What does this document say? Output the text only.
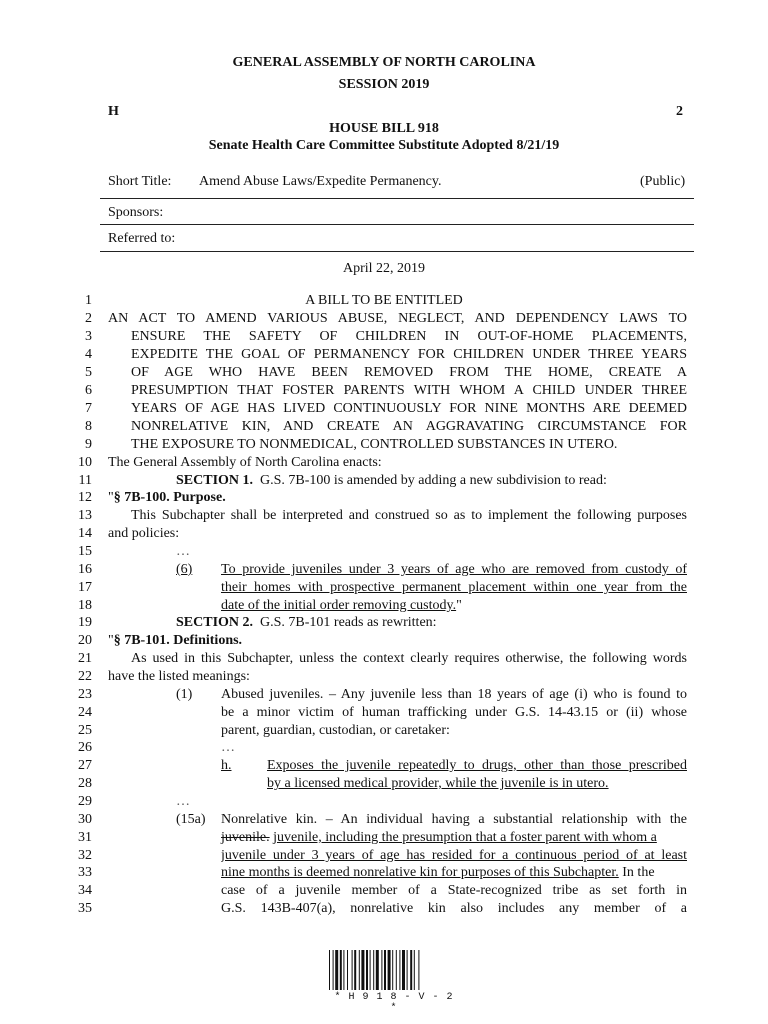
GENERAL ASSEMBLY OF NORTH CAROLINA
SESSION 2019
H	2
HOUSE BILL 918
Senate Health Care Committee Substitute Adopted 8/21/19
Short Title: Amend Abuse Laws/Expedite Permanency.	(Public)
Sponsors:
Referred to:
April 22, 2019
1
2
3
4
5
6
7
8
9
10
11
12
13
14
15
16
17
18
19
20
21
22
23
24
25
26
27
28
29
30
31
32
33
34
35
A BILL TO BE ENTITLED
AN ACT TO AMEND VARIOUS ABUSE, NEGLECT, AND DEPENDENCY LAWS TO
ENSURE THE SAFETY OF CHILDREN IN OUT-OF-HOME PLACEMENTS,
EXPEDITE THE GOAL OF PERMANENCY FOR CHILDREN UNDER THREE YEARS
OF AGE WHO HAVE BEEN REMOVED FROM THE HOME, CREATE A
PRESUMPTION THAT FOSTER PARENTS WITH WHOM A CHILD UNDER THREE
YEARS OF AGE HAS LIVED CONTINUOUSLY FOR NINE MONTHS ARE DEEMED
NONRELATIVE KIN, AND CREATE AN AGGRAVATING CIRCUMSTANCE FOR
THE EXPOSURE TO NONMEDICAL, CONTROLLED SUBSTANCES IN UTERO.
The General Assembly of North Carolina enacts:
SECTION 1. G.S. 7B-100 is amended by adding a new subdivision to read:
"§ 7B-100. Purpose.
This Subchapter shall be interpreted and construed so as to implement the following purposes
and policies:
…
(6) To provide juveniles under 3 years of age who are removed from custody of
their homes with prospective permanent placement within one year from the
date of the initial order removing custody."
SECTION 2. G.S. 7B-101 reads as rewritten:
"§ 7B-101. Definitions.
As used in this Subchapter, unless the context clearly requires otherwise, the following words
have the listed meanings:
(1) Abused juveniles. – Any juvenile less than 18 years of age (i) who is found to
be a minor victim of human trafficking under G.S. 14-43.15 or (ii) whose
parent, guardian, custodian, or caretaker:
…
h.	Exposes the juvenile repeatedly to drugs, other than those prescribed
by a licensed medical provider, while the juvenile is in utero.
…
(15a) Nonrelative kin. – An individual having a substantial relationship with the
juvenile. juvenile, including the presumption that a foster parent with whom a
juvenile under 3 years of age has resided for a continuous period of at least
nine months is deemed nonrelative kin for purposes of this Subchapter. In the
case of a juvenile member of a State-recognized tribe as set forth in
G.S. 143B-407(a), nonrelative kin also includes any member of a
* H 9 1 8 - V - 2 *
